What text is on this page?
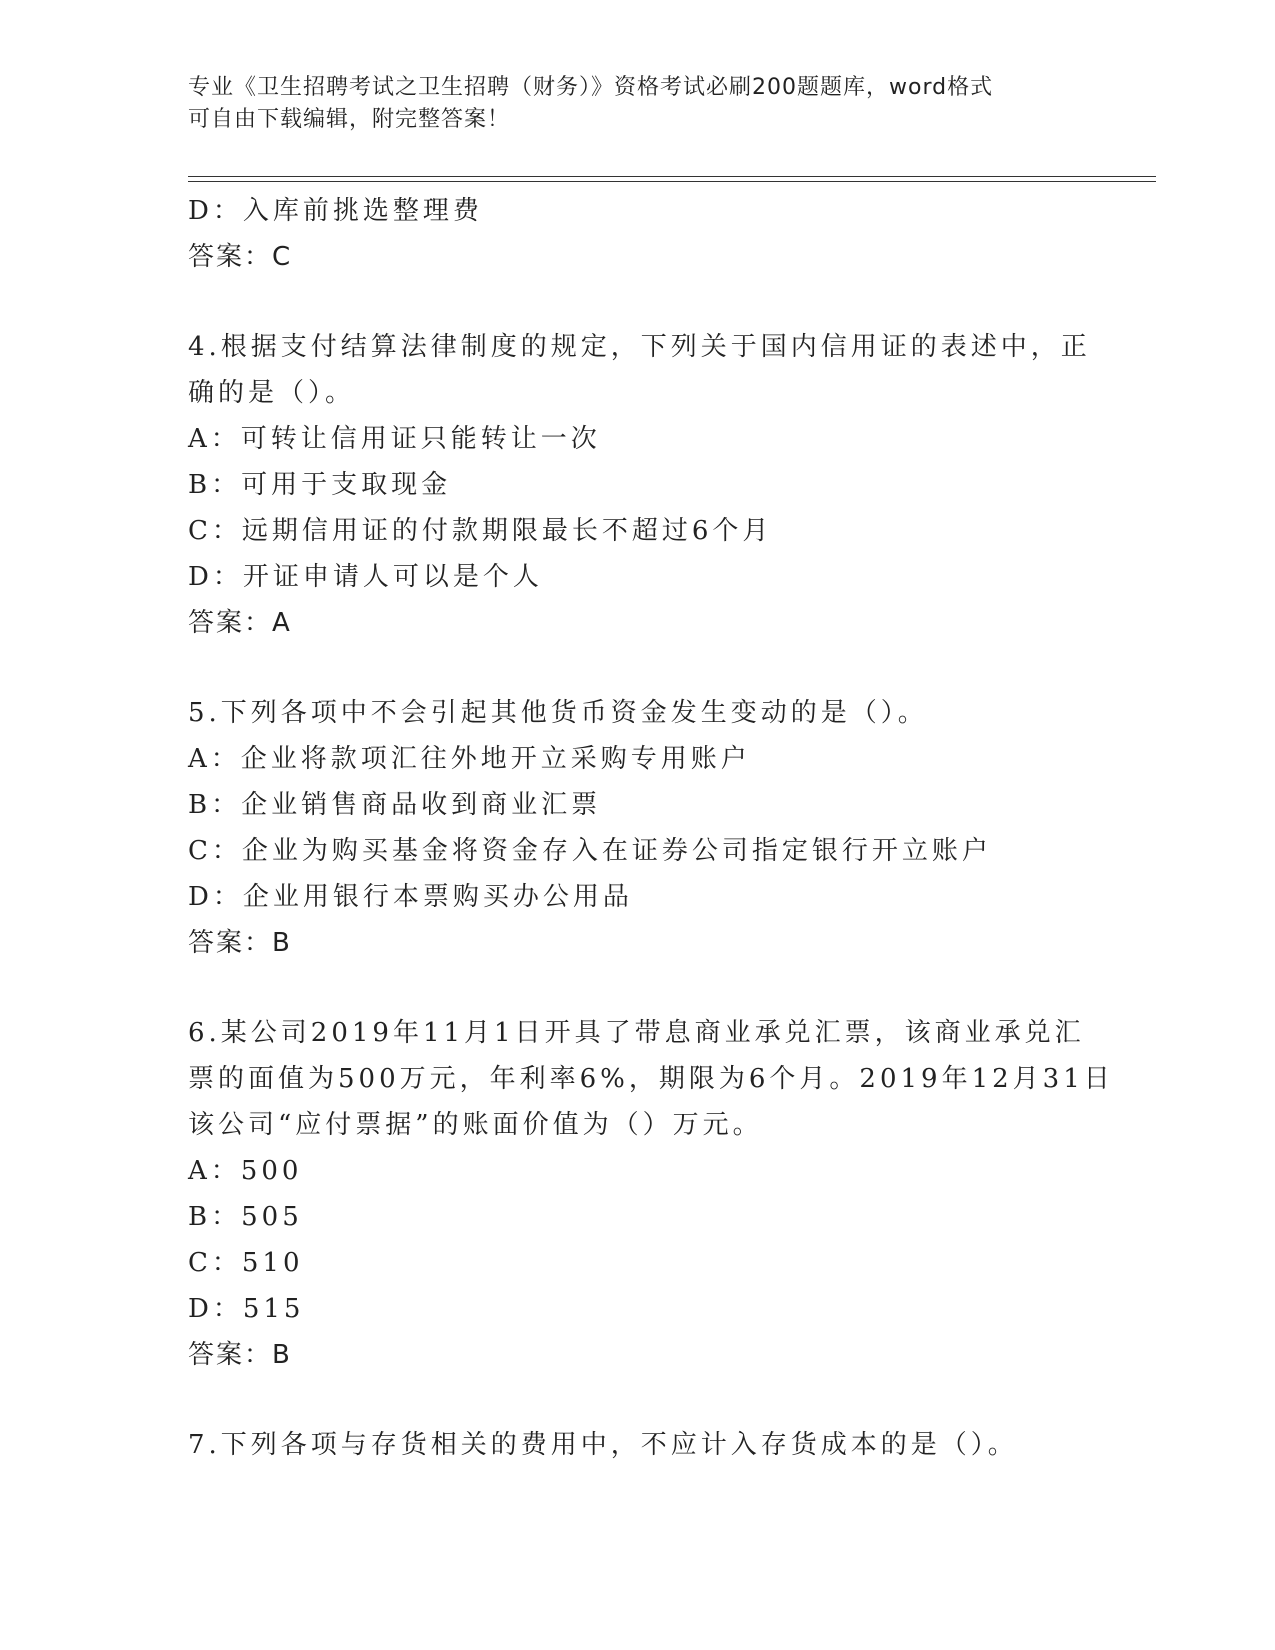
专业《卫生招聘考试之卫生招聘（财务）》资格考试必刷200题题库，word格式
可自由下载编辑，附完整答案！
D：入库前挑选整理费
答案：C
4.根据支付结算法律制度的规定，下列关于国内信用证的表述中，正
确的是（）。
A：可转让信用证只能转让一次
B：可用于支取现金
C：远期信用证的付款期限最长不超过6个月
D：开证申请人可以是个人
答案：A
5.下列各项中不会引起其他货币资金发生变动的是（）。
A：企业将款项汇往外地开立采购专用账户
B：企业销售商品收到商业汇票
C：企业为购买基金将资金存入在证券公司指定银行开立账户
D：企业用银行本票购买办公用品
答案：B
6.某公司2019年11月1日开具了带息商业承兑汇票，该商业承兑汇
票的面值为500万元，年利率6%，期限为6个月。2019年12月31日
该公司“应付票据”的账面价值为（）万元。
A：500
B：505
C：510
D：515
答案：B
7.下列各项与存货相关的费用中，不应计入存货成本的是（）。
